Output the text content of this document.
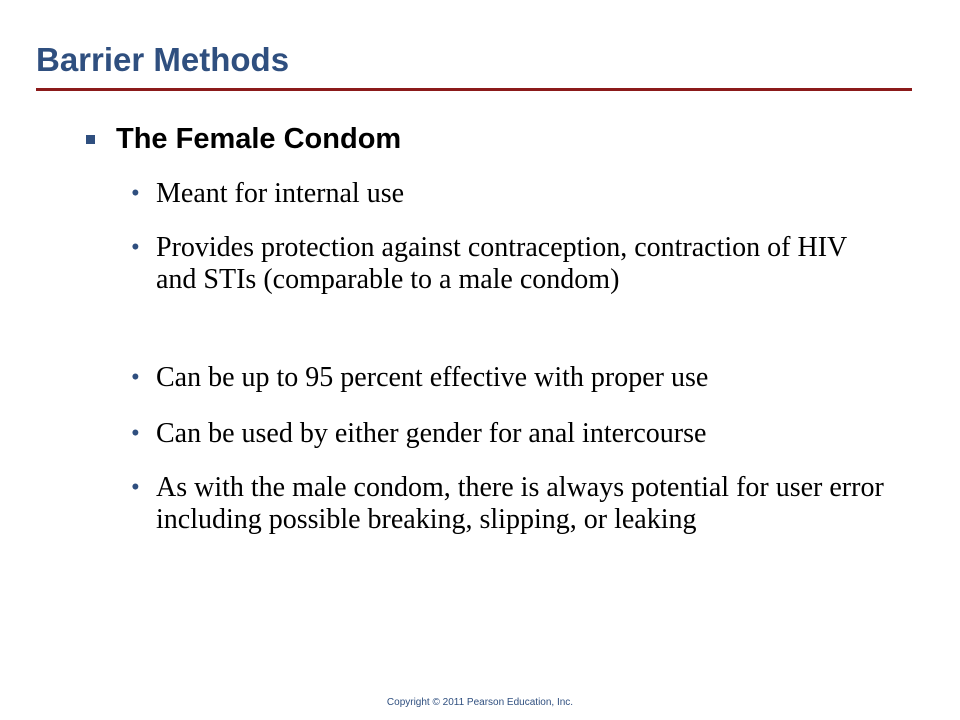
Barrier Methods
The Female Condom
• Meant for internal use
• Provides protection against contraception, contraction of HIV and STIs (comparable to a male condom)
• Can be up to 95 percent effective with proper use
• Can be used by either gender for anal intercourse
• As with the male condom, there is always potential for user error including possible breaking, slipping, or leaking
Copyright © 2011 Pearson Education, Inc.
